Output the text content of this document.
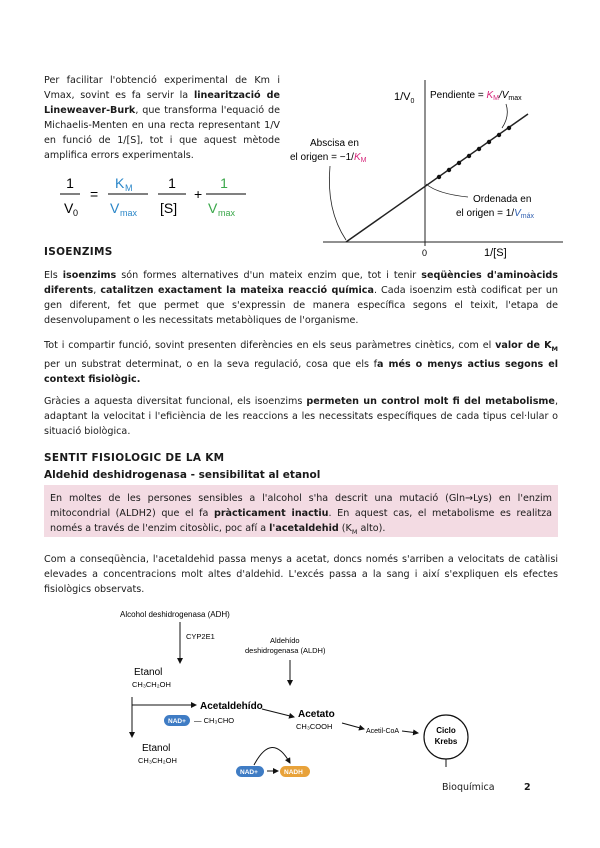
Per facilitar l'obtenció experimental de Km i Vmax, sovint es fa servir la linearització de Lineweaver-Burk, que transforma l'equació de Michaelis-Menten en una recta representant 1/V en funció de 1/[S], tot i que aquest mètode amplifica errors experimentals.

1
V 0
=
K M
V max
1
[S]
+
1
V max
$1/V_0$
Pendiente = $K_M/V_{max}$
Abscisa en
el origen = $-1/K_M$
Ordenada en
el origen = $1/V_{máx}$
0	1/[S]
ISOENZIMS

Els isoenzims són formes alternatives d'un mateix enzim que, tot i tenir seqüències d'aminoàcids diferents, catalitzen exactament la mateixa reacció química. Cada isoenzim està codificat per un gen diferent, fet que permet que s'expressin de manera específica segons el teixit, l'etapa de desenvolupament o les necessitats metabòliques de l'organisme.

Tot i compartir funció, sovint presenten diferències en els seus paràmetres cinètics, com el valor de $K_M$ per un substrat determinat, o en la seva regulació, cosa que els fa més o menys actius segons el context fisiològic.

Gràcies a aquesta diversitat funcional, els isoenzims permeten un control molt fi del metabolisme, adaptant la velocitat i l'eficiència de les reaccions a les necessitats específiques de cada tipus cel·lular o situació biològica.

SENTIT FISIOLOGIC DE LA KM
Aldehid deshidrogenasa - sensibilitat al etanol

En moltes de les persones sensibles a l'alcohol s'ha descrit una mutació (Gln→Lys) en l'enzim mitocondrial (ALDH2) que el fa pràcticament inactiu. En aquest cas, el metabolisme es realitza només a través de l'enzim citosòlic, poc afí a l'acetaldehid ($K_M$ alto).

Com a conseqüència, l'acetaldehid passa menys a acetat, doncs només s'arriben a velocitats de catàlisi elevades a concentracions molt altes d'aldehid. L'excés passa a la sang i així s'expliquen els efectes fisiològics observats.

Alcohol deshidrogenasa (ADH)
CYP2E1	Aldehído
deshidrogenasa (ALDH)
Etanol
CH₃CH₂OH
Acetaldehído
NAD+ — CH₃CHO
Acetato
CH₃COOH
Acetil-CoA	Ciclo
Krebs
Etanol
CH₃CH₂OH
NAD+	NADH
Bioquímica	2
